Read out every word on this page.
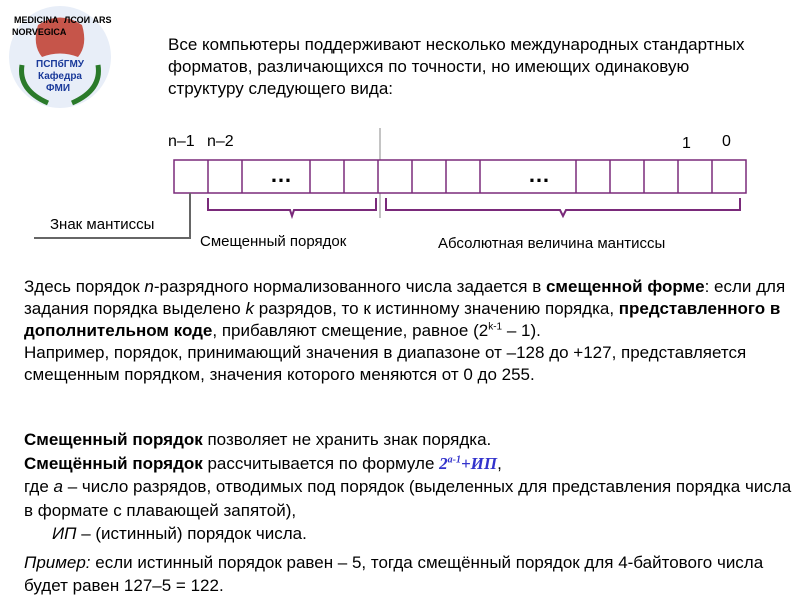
MEDICINA
NORVEGICA
ЛСОИ ARS
ПСПбГМУ
Кафедра
ФМИ
Все компьютеры поддерживают несколько международных стандартных форматов, различающихся по точности, но имеющих одинаковую структуру следующего вида:
n–1 n–2	1 0
…	…
Знак мантиссы
Смещенный порядок	Абсолютная величина мантиссы
Здесь порядок n-разрядного нормализованного числа задается в смещенной форме: если для задания порядка выделено k разрядов, то к истинному значению порядка, представленного в дополнительном коде, прибавляют смещение, равное (2$^{k-1}$ – 1).
Например, порядок, принимающий значения в диапазоне от –128 до +127, представляется смещенным порядком, значения которого меняются от 0 до 255.
Смещенный порядок позволяет не хранить знак порядка.
Смещённый порядок рассчитывается по формуле $2^{a-1}+ИП$,
где а – число разрядов, отводимых под порядок (выделенных для представления порядка числа в формате с плавающей запятой),
ИП – (истинный) порядок числа.
Пример: если истинный порядок равен – 5, тогда смещённый порядок для 4-байтового числа будет равен 127–5 = 122.
